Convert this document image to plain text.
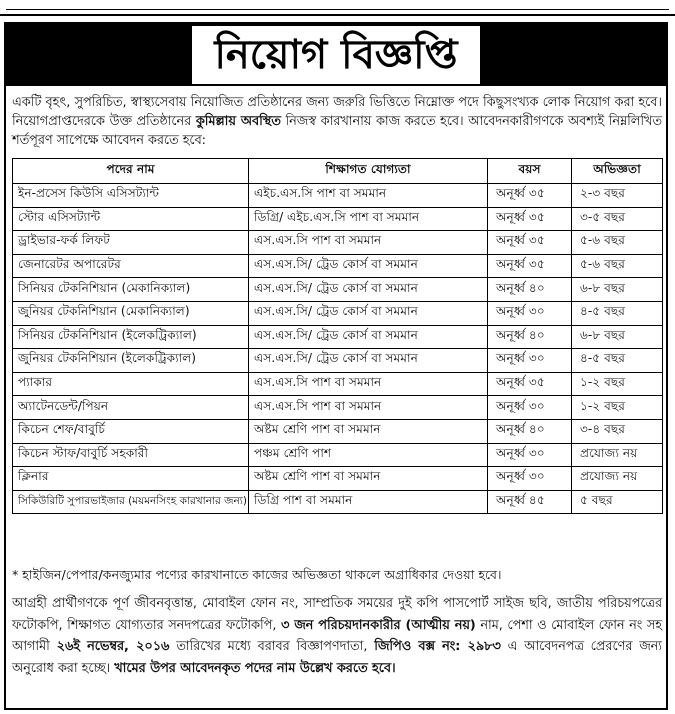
নিয়োগ বিজ্ঞপ্তি

একটি বৃহৎ, সুপরিচিত, স্বাস্থ্যসেবায় নিয়োজিত প্রতিষ্ঠানের জন্য জরুরি ভিত্তিতে নিম্নোক্ত পদে কিছুসংখ্যক লোক নিয়োগ করা হবে। নিয়োগপ্রাপ্তদেরকে উক্ত প্রতিষ্ঠানের কুমিল্লায় অবস্থিত নিজস্ব কারখানায় কাজ করতে হবে। আবেদনকারীগণকে অবশ্যই নিম্নলিখিত শর্তপূরণ সাপেক্ষে আবেদন করতে হবে:

পদের নাম	শিক্ষাগত যোগ্যতা	বয়স	অভিজ্ঞতা
ইন-প্রসেস কিউসি এসিসট্যান্ট	এইচ.এস.সি পাশ বা সমমান	অনূর্ধ্ব ৩৫	২-৩ বছর
স্টোর এসিসট্যান্ট	ডিগ্রি/ এইচ.এস.সি পাশ বা সমমান	অনূর্ধ্ব ৩৫	৩-৫ বছর
ড্রাইভার-ফর্ক লিফট	এস.এস.সি পাশ বা সমমান	অনূর্ধ্ব ৩৫	৫-৬ বছর
জেনারেটর অপারেটর	এস.এস.সি/ ট্রেড কোর্স বা সমমান	অনূর্ধ্ব ৩৫	৫-৬ বছর
সিনিয়র টেকনিশিয়ান (মেকানিক্যাল)	এস.এস.সি/ ট্রেড কোর্স বা সমমান	অনূর্ধ্ব ৪০	৬-৮ বছর
জুনিয়র টেকনিশিয়ান (মেকানিক্যাল)	এস.এস.সি/ ট্রেড কোর্স বা সমমান	অনূর্ধ্ব ৩০	৪-৫ বছর
সিনিয়র টেকনিশিয়ান (ইলেকট্রিক্যাল)	এস.এস.সি/ ট্রেড কোর্স বা সমমান	অনূর্ধ্ব ৪০	৬-৮ বছর
জুনিয়র টেকনিশিয়ান (ইলেকট্রিক্যাল)	এস.এস.সি/ ট্রেড কোর্স বা সমমান	অনূর্ধ্ব ৩০	৪-৫ বছর
প্যাকার	এস.এস.সি পাশ বা সমমান	অনূর্ধ্ব ৩৫	১-২ বছর
অ্যাটেনডেন্ট/পিয়ন	এস.এস.সি পাশ বা সমমান	অনূর্ধ্ব ৩০	১-২ বছর
কিচেন শেফ/বাবুর্চি	অষ্টম শ্রেণি পাশ বা সমমান	অনূর্ধ্ব ৪০	৩-৪ বছর
কিচেন স্টাফ/বাবুর্চি সহকারী	পঞ্চম শ্রেণি পাশ	অনূর্ধ্ব ৩০	প্রযোজ্য নয়
ক্লিনার	অষ্টম শ্রেণি পাশ বা সমমান	অনূর্ধ্ব ৩০	প্রযোজ্য নয়
সিকিউরিটি সুপারভাইজার (ময়মনসিংহ কারখানার জন্য)	ডিগ্রি পাশ বা সমমান	অনূর্ধ্ব ৪৫	৫ বছর

* হাইজিন/পেপার/কনজ্যুমার পণ্যের কারখানাতে কাজের অভিজ্ঞতা থাকলে অগ্রাধিকার দেওয়া হবে।

আগ্রহী প্রার্থীগণকে পূর্ণ জীবনবৃত্তান্ত, মোবাইল ফোন নং, সাম্প্রতিক সময়ের দুই কপি পাসপোর্ট সাইজ ছবি, জাতীয় পরিচয়পত্রের ফটোকপি, শিক্ষাগত যোগ্যতার সনদপত্রের ফটোকপি, ৩ জন পরিচয়দানকারীর (আত্মীয় নয়) নাম, পেশা ও মোবাইল ফোন নং সহ আগামী ২৬ই নভেম্বর, ২০১৬ তারিখের মধ্যে বরাবর বিজ্ঞাপণদাতা, জিপিও বক্স নং: ২৯৮৩ এ আবেদনপত্র প্রেরণের জন্য অনুরোধ করা হচ্ছে। খামের উপর আবেদনকৃত পদের নাম উল্লেখ করতে হবে।
